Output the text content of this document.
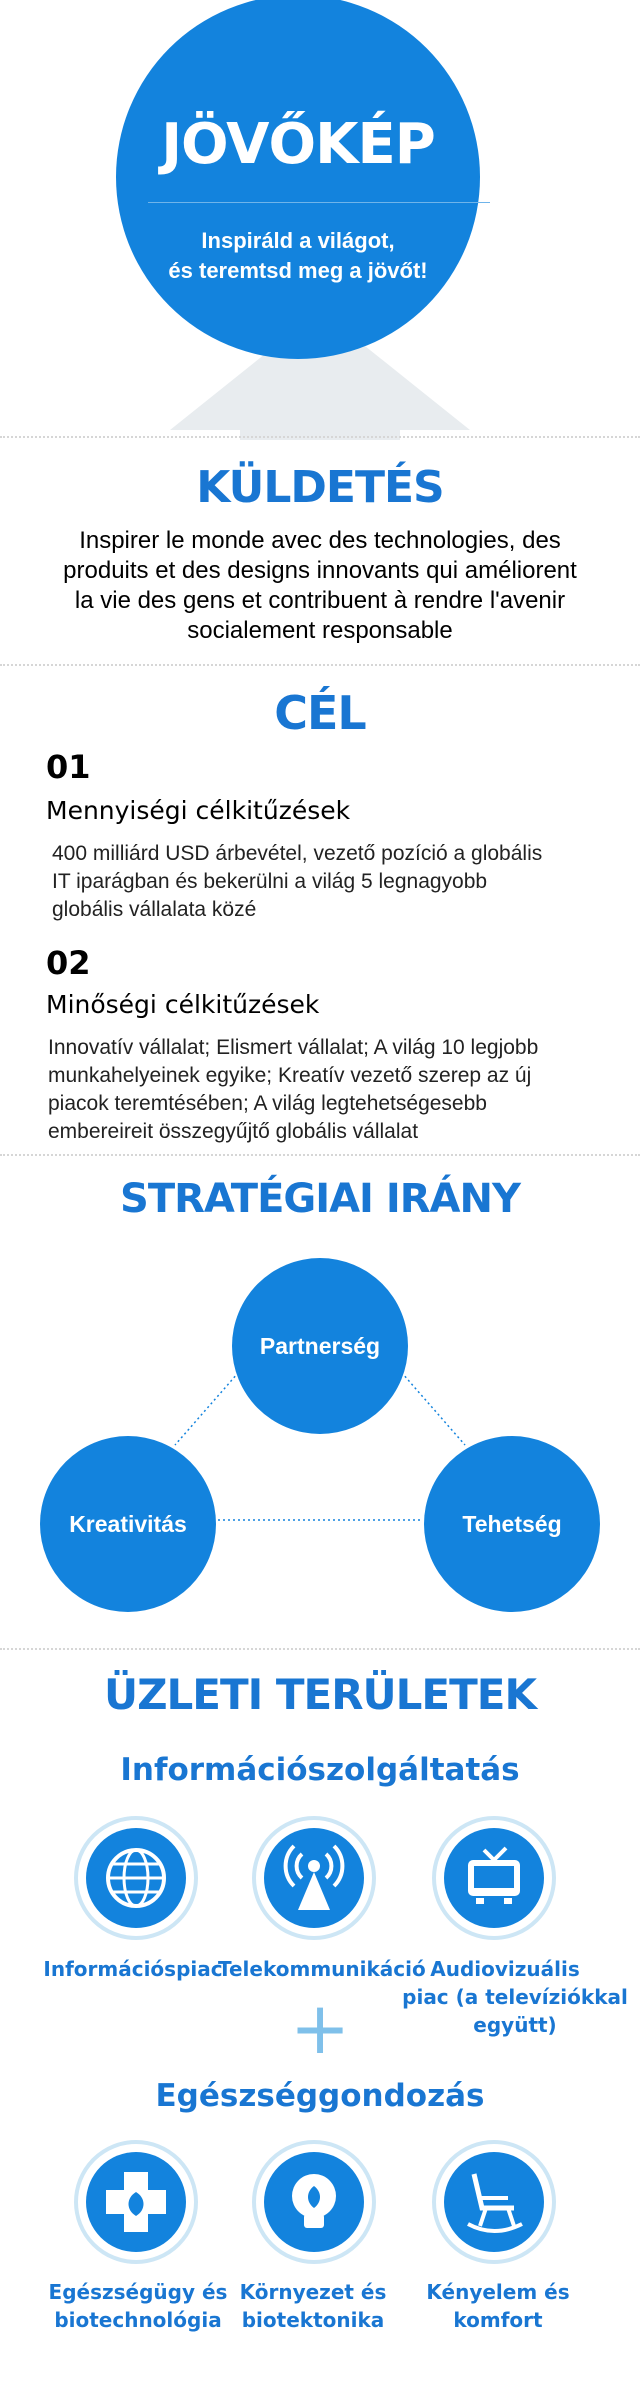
JÖVŐKÉP
Inspiráld a világot,
és teremtsd meg a jövőt!
KÜLDETÉS
Inspirer le monde avec des technologies, des
produits et des designs innovants qui améliorent
la vie des gens et contribuent à rendre l'avenir
socialement responsable
CÉL
01
Mennyiségi célkitűzések
400 milliárd USD árbevétel, vezető pozíció a globális
IT iparágban és bekerülni a világ 5 legnagyobb
globális vállalata közé
02
Minőségi célkitűzések
Innovatív vállalat; Elismert vállalat; A világ 10 legjobb
munkahelyeinek egyike; Kreatív vezető szerep az új
piacok teremtésében; A világ legtehetségesebb
embereireit összegyűjtő globális vállalat
STRATÉGIAI IRÁNY
Partnerség
Kreativitás	Tehetség
ÜZLETI TERÜLETEK
Információszolgáltatás
Információspiac
Telekommunikáció Audiovizuális
piac (a televíziókkal
együtt)
+
Egészséggondozás
Egészségügy és
biotechnológia
Környezet és
biotektonika
Kényelem és
komfort
